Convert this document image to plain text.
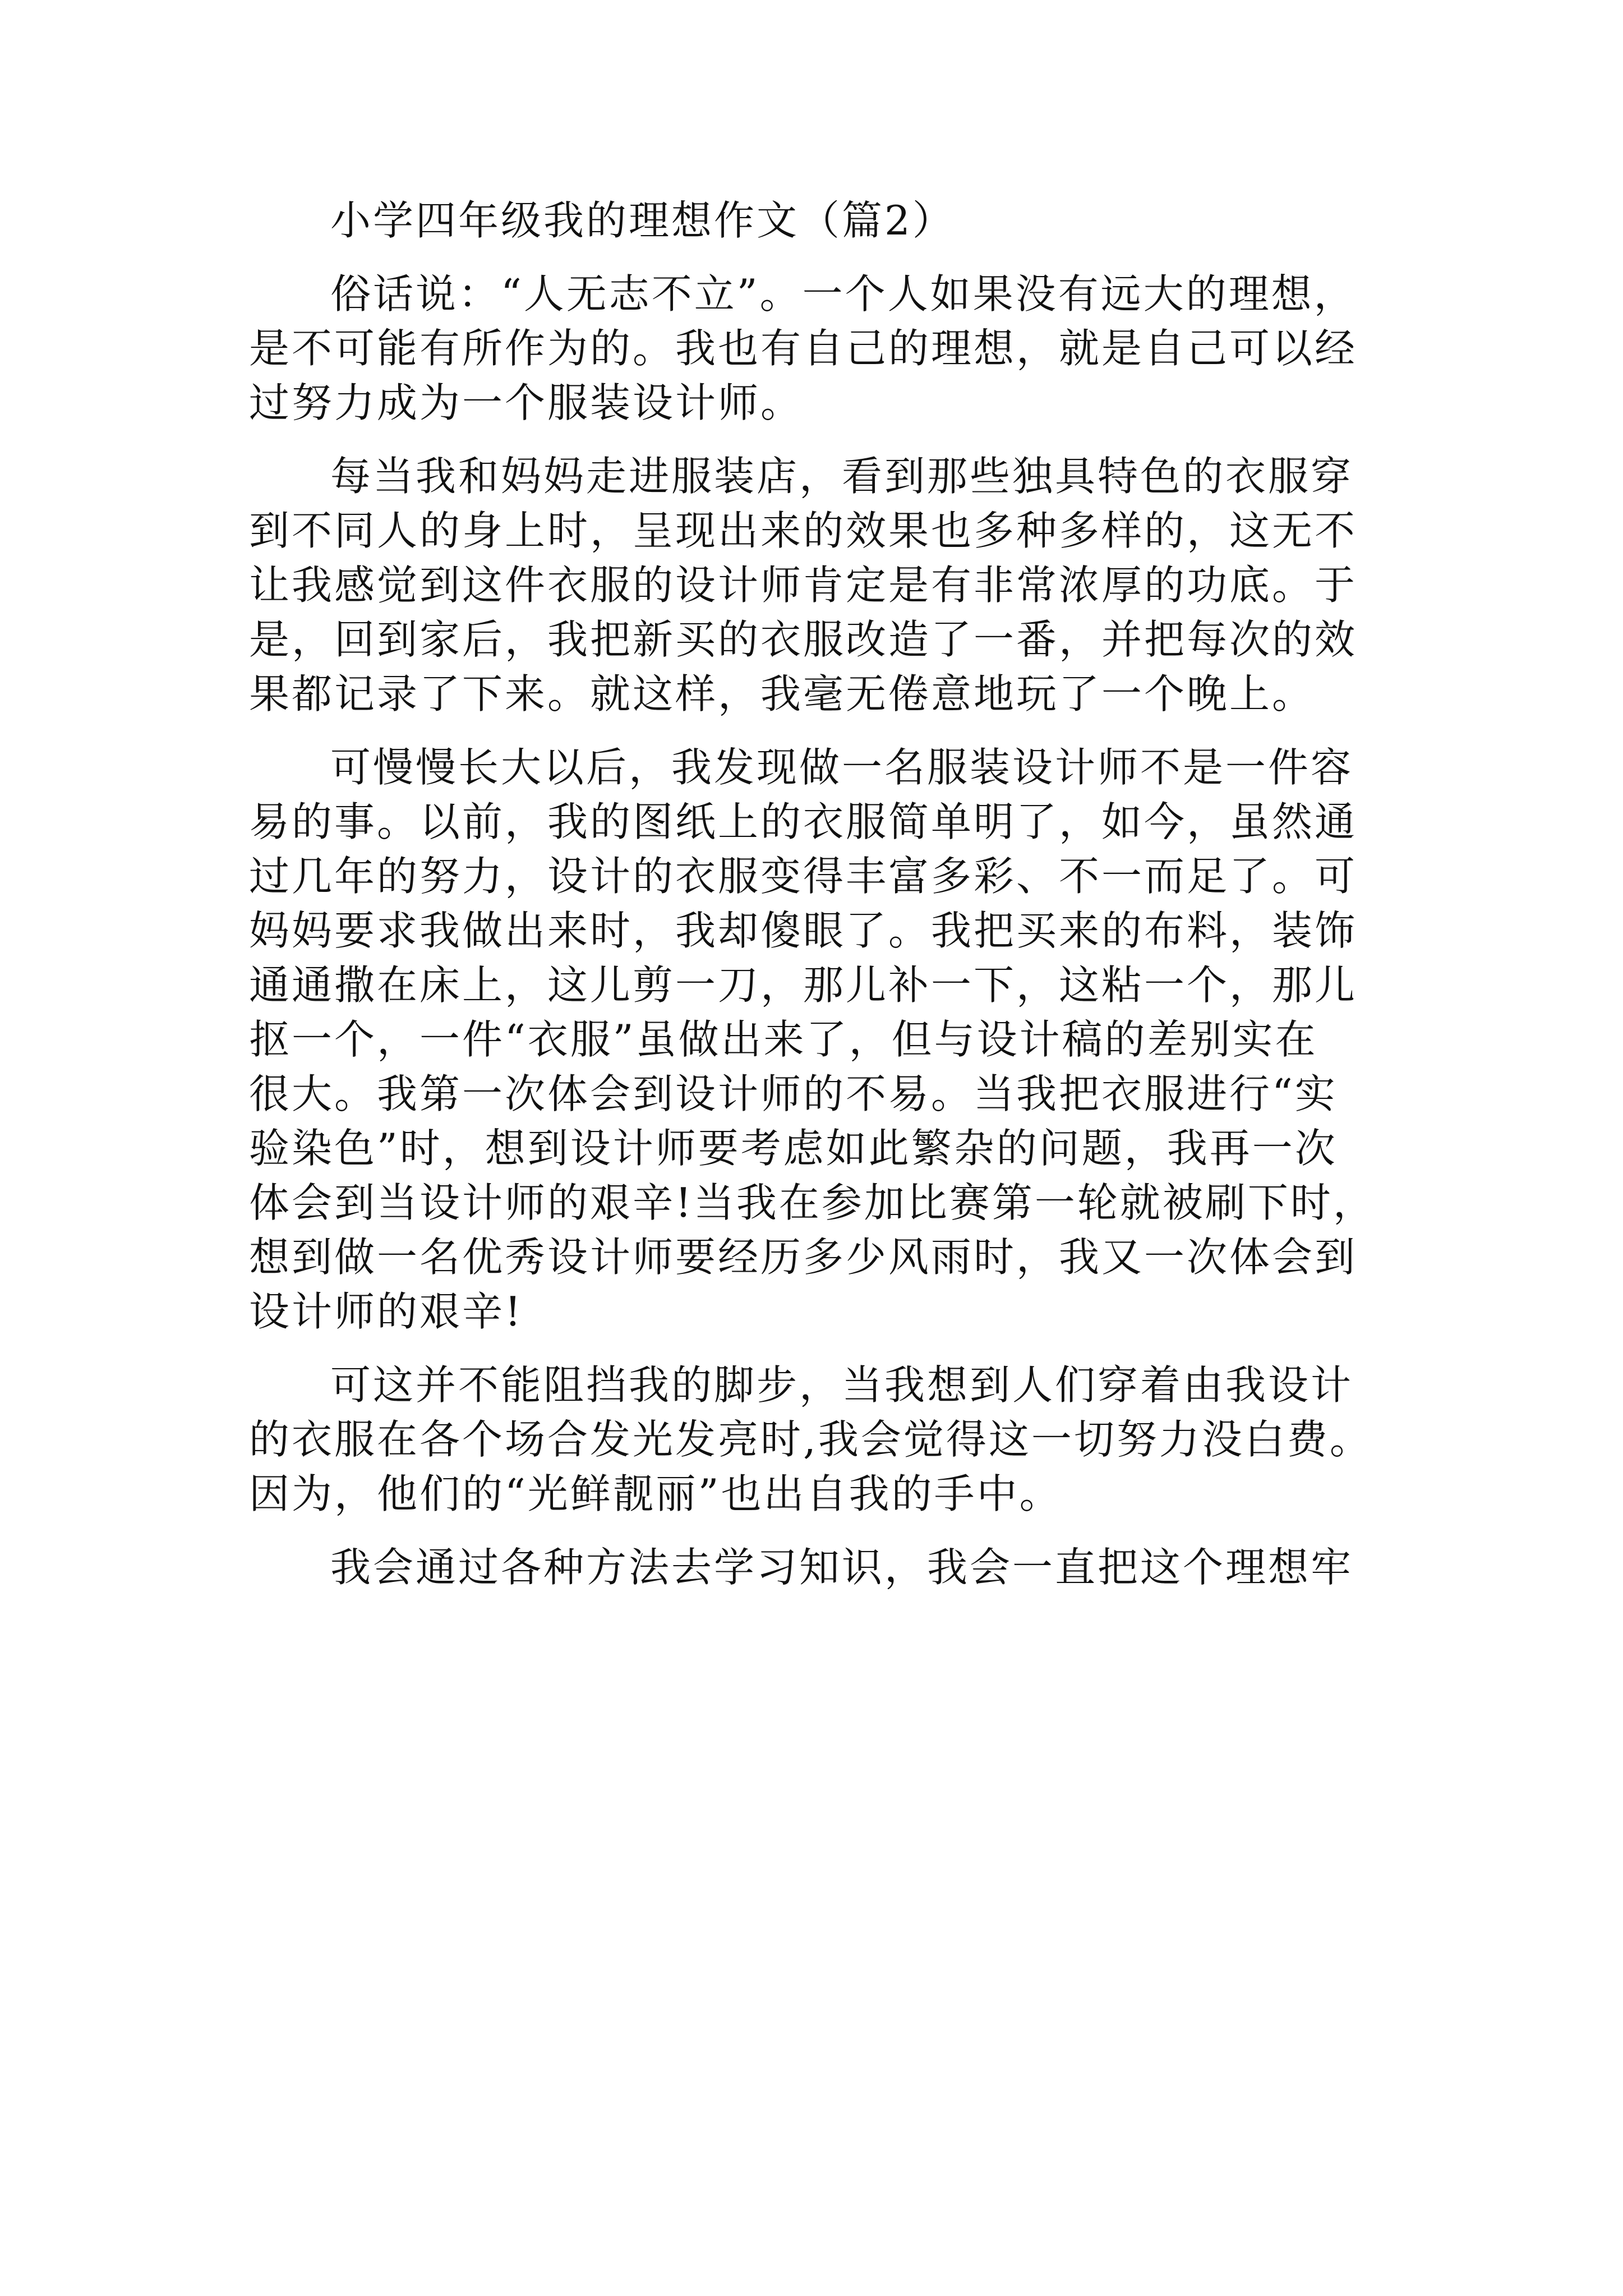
小学四年级我的理想作文（篇2）
俗话说：“人无志不立”。一个人如果没有远大的理想，
是不可能有所作为的。我也有自己的理想，就是自己可以经
过努力成为一个服装设计师。
每当我和妈妈走进服装店，看到那些独具特色的衣服穿
到不同人的身上时，呈现出来的效果也多种多样的，这无不
让我感觉到这件衣服的设计师肯定是有非常浓厚的功底。于
是，回到家后，我把新买的衣服改造了一番，并把每次的效
果都记录了下来。就这样，我毫无倦意地玩了一个晚上。
可慢慢长大以后，我发现做一名服装设计师不是一件容
易的事。以前，我的图纸上的衣服简单明了，如今，虽然通
过几年的努力，设计的衣服变得丰富多彩、不一而足了。可
妈妈要求我做出来时，我却傻眼了。我把买来的布料，装饰
通通撒在床上，这儿剪一刀，那儿补一下，这粘一个，那儿
抠一个，一件“衣服”虽做出来了，但与设计稿的差别实在
很大。我第一次体会到设计师的不易。当我把衣服进行“实
验染色”时，想到设计师要考虑如此繁杂的问题，我再一次
体会到当设计师的艰辛!当我在参加比赛第一轮就被刷下时，
想到做一名优秀设计师要经历多少风雨时，我又一次体会到
设计师的艰辛!
可这并不能阻挡我的脚步，当我想到人们穿着由我设计
的衣服在各个场合发光发亮时,我会觉得这一切努力没白费。
因为，他们的“光鲜靓丽”也出自我的手中。
我会通过各种方法去学习知识，我会一直把这个理想牢
